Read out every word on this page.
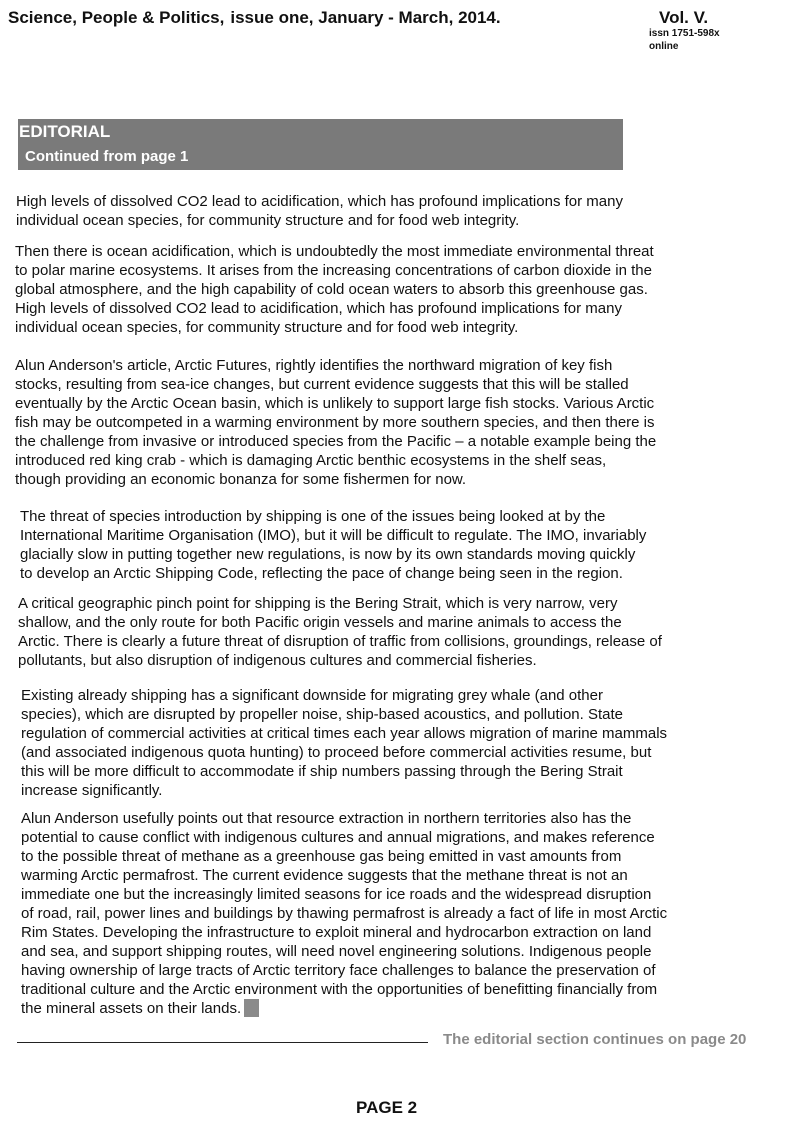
Science, People & Politics, issue one, January - March, 2014.	Vol. V.
issn 1751-598x
online
EDITORIAL
Continued from page 1
High levels of dissolved CO2 lead to acidification, which has profound implications for many
individual ocean species, for community structure and for food web integrity.
Then there is ocean acidification, which is undoubtedly the most immediate environmental threat
to polar marine ecosystems. It arises from the increasing concentrations of carbon dioxide in the
global atmosphere, and the high capability of cold ocean waters to absorb this greenhouse gas.
High levels of dissolved CO2 lead to acidification, which has profound implications for many
individual ocean species, for community structure and for food web integrity.
Alun Anderson's article, Arctic Futures, rightly identifies the northward migration of key fish
stocks, resulting from sea-ice changes, but current evidence suggests that this will be stalled
eventually by the Arctic Ocean basin, which is unlikely to support large fish stocks. Various Arctic
fish may be outcompeted in a warming environment by more southern species, and then there is
the challenge from invasive or introduced species from the Pacific – a notable example being the
introduced red king crab - which is damaging Arctic benthic ecosystems in the shelf seas,
though providing an economic bonanza for some fishermen for now.
The threat of species introduction by shipping is one of the issues being looked at by the
International Maritime Organisation (IMO), but it will be difficult to regulate. The IMO, invariably
glacially slow in putting together new regulations, is now by its own standards moving quickly
to develop an Arctic Shipping Code, reflecting the pace of change being seen in the region.
A critical geographic pinch point for shipping is the Bering Strait, which is very narrow, very
shallow, and the only route for both Pacific origin vessels and marine animals to access the
Arctic. There is clearly a future threat of disruption of traffic from collisions, groundings, release of
pollutants, but also disruption of indigenous cultures and commercial fisheries.
Existing already shipping has a significant downside for migrating grey whale (and other
species), which are disrupted by propeller noise, ship-based acoustics, and pollution. State
regulation of commercial activities at critical times each year allows migration of marine mammals
(and associated indigenous quota hunting) to proceed before commercial activities resume, but
this will be more difficult to accommodate if ship numbers passing through the Bering Strait
increase significantly.
Alun Anderson usefully points out that resource extraction in northern territories also has the
potential to cause conflict with indigenous cultures and annual migrations, and makes reference
to the possible threat of methane as a greenhouse gas being emitted in vast amounts from
warming Arctic permafrost. The current evidence suggests that the methane threat is not an
immediate one but the increasingly limited seasons for ice roads and the widespread disruption
of road, rail, power lines and buildings by thawing permafrost is already a fact of life in most Arctic
Rim States. Developing the infrastructure to exploit mineral and hydrocarbon extraction on land
and sea, and support shipping routes, will need novel engineering solutions. Indigenous people
having ownership of large tracts of Arctic territory face challenges to balance the preservation of
traditional culture and the Arctic environment with the opportunities of benefitting financially from
the mineral assets on their lands.
The editorial section continues on page 20
PAGE 2
